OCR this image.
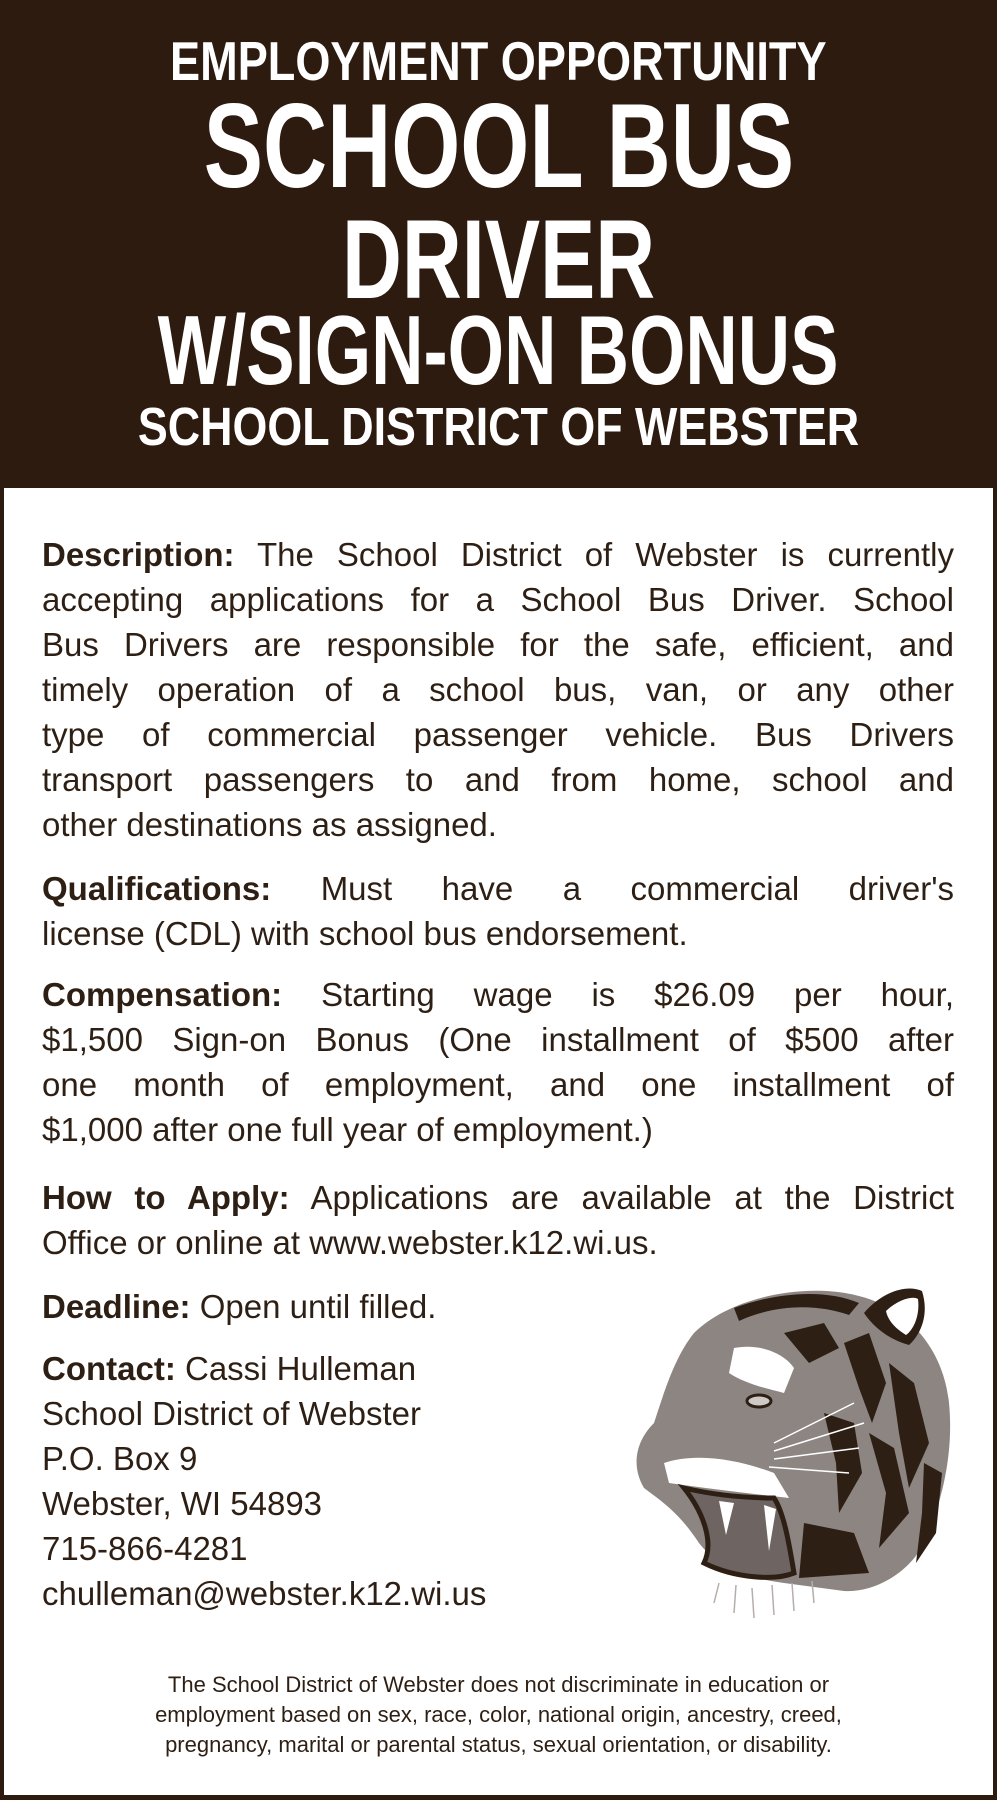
EMPLOYMENT OPPORTUNITY
SCHOOL BUS
DRIVER
W/SIGN-ON BONUS
SCHOOL DISTRICT OF WEBSTER
Description: The School District of Webster is currently
accepting applications for a School Bus Driver. School
Bus Drivers are responsible for the safe, efficient, and
timely operation of a school bus, van, or any other
type of commercial passenger vehicle. Bus Drivers
transport passengers to and from home, school and
other destinations as assigned.
Qualifications: Must have a commercial driver's
license (CDL) with school bus endorsement.
Compensation: Starting wage is $26.09 per hour,
$1,500 Sign-on Bonus (One installment of $500 after
one month of employment, and one installment of
$1,000 after one full year of employment.)
How to Apply: Applications are available at the District
Office or online at www.webster.k12.wi.us.
Deadline: Open until filled.
Contact: Cassi Hulleman
School District of Webster
P.O. Box 9
Webster, WI 54893
715-866-4281
chulleman@webster.k12.wi.us
The School District of Webster does not discriminate in education or
employment based on sex, race, color, national origin, ancestry, creed,
pregnancy, marital or parental status, sexual orientation, or disability.
